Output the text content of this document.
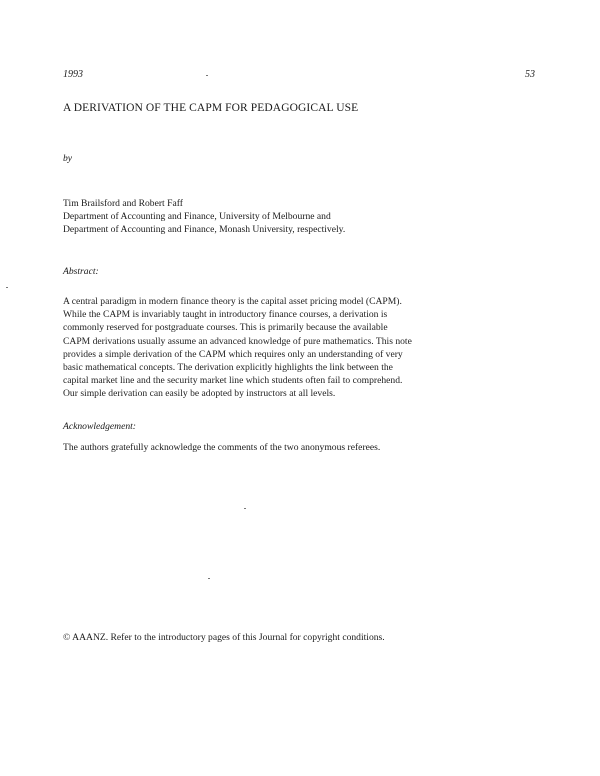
1993	53
A DERIVATION OF THE CAPM FOR PEDAGOGICAL USE
by
Tim Brailsford and Robert Faff
Department of Accounting and Finance, University of Melbourne and
Department of Accounting and Finance, Monash University, respectively.
Abstract:
A central paradigm in modern finance theory is the capital asset pricing model (CAPM).
While the CAPM is invariably taught in introductory finance courses, a derivation is
commonly reserved for postgraduate courses. This is primarily because the available
CAPM derivations usually assume an advanced knowledge of pure mathematics. This note
provides a simple derivation of the CAPM which requires only an understanding of very
basic mathematical concepts. The derivation explicitly highlights the link between the
capital market line and the security market line which students often fail to comprehend.
Our simple derivation can easily be adopted by instructors at all levels.
Acknowledgement:
The authors gratefully acknowledge the comments of the two anonymous referees.
© AAANZ. Refer to the introductory pages of this Journal for copyright conditions.
